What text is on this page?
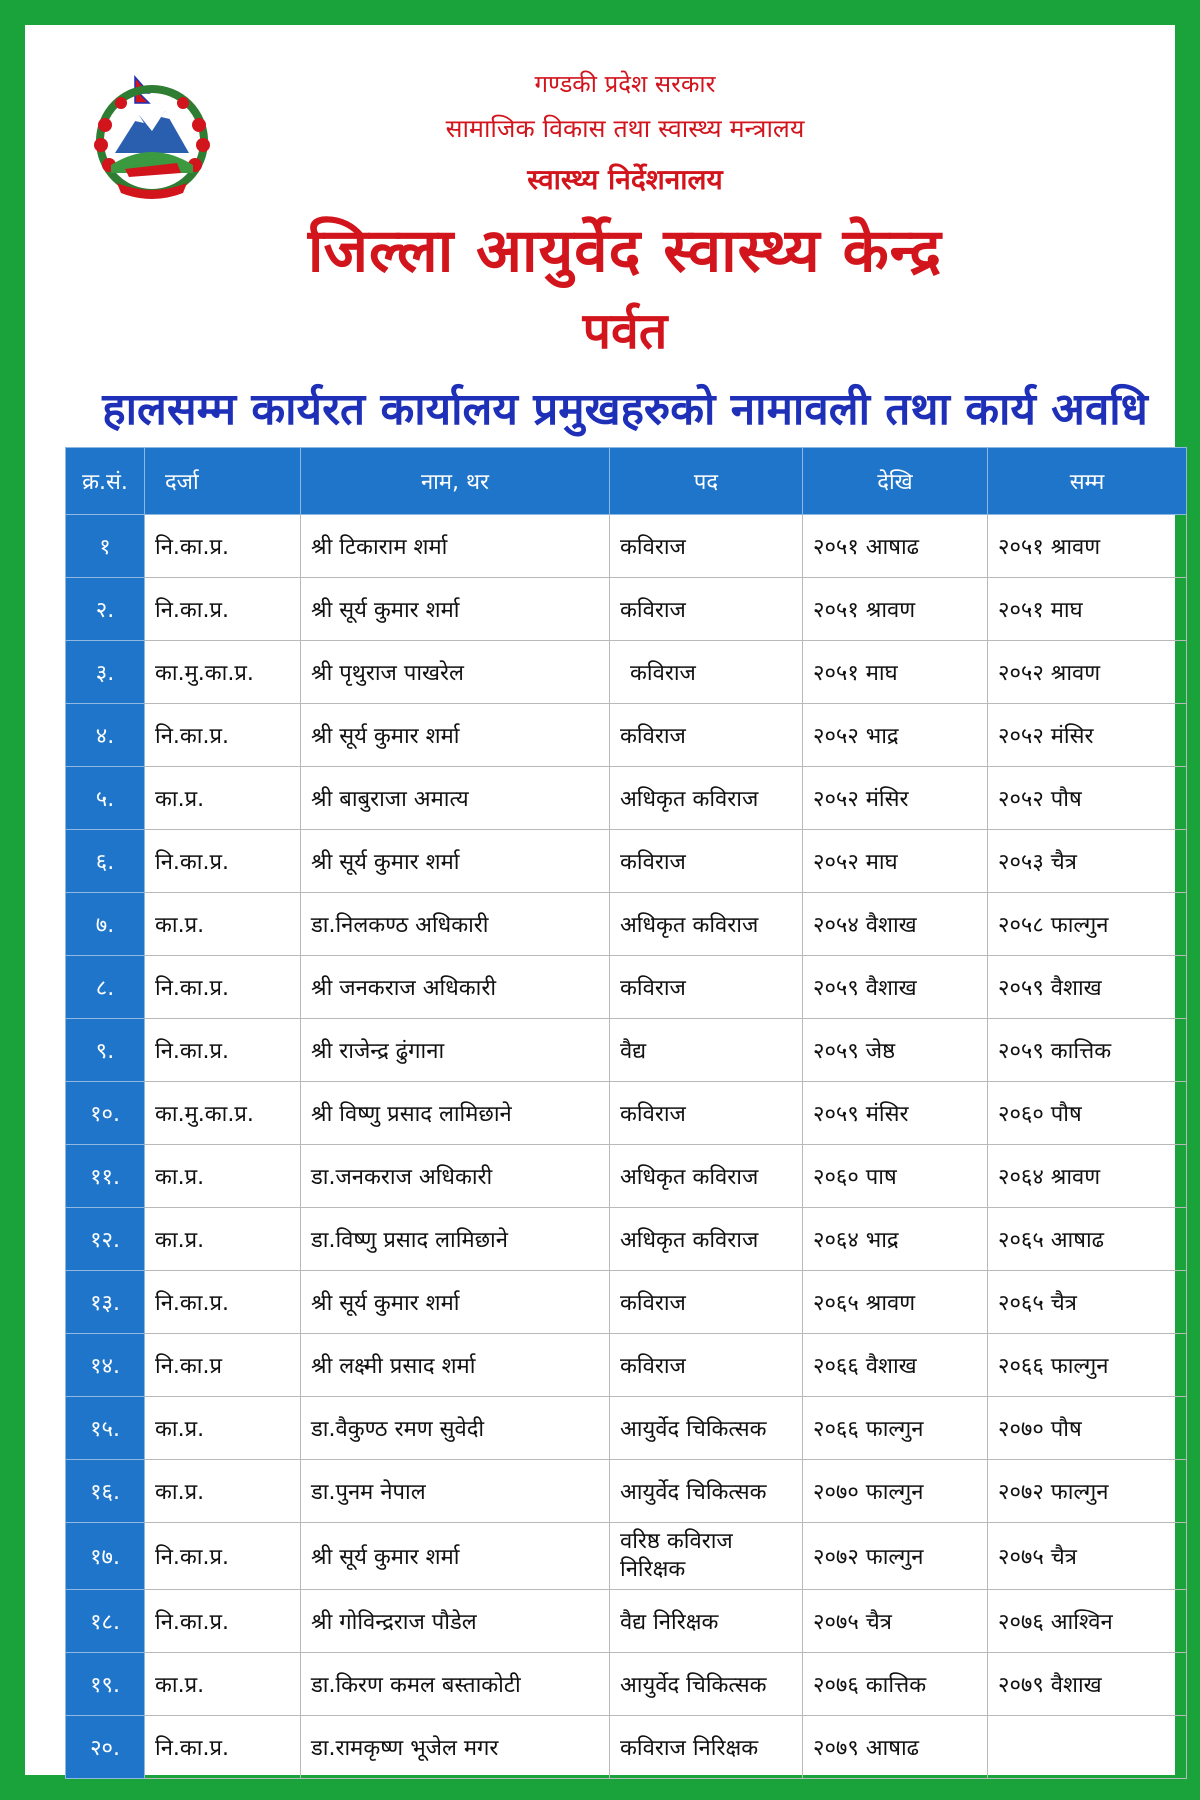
गण्डकी प्रदेश सरकार
सामाजिक विकास तथा स्वास्थ्य मन्त्रालय
स्वास्थ्य निर्देशनालय
जिल्ला आयुर्वेद स्वास्थ्य केन्द्र
पर्वत
हालसम्म कार्यरत कार्यालय प्रमुखहरुको नामावली तथा कार्य अवधि
क्र.सं.	दर्जा	नाम, थर	पद	देखि	सम्म
१	नि.का.प्र.	श्री टिकाराम शर्मा	कविराज	२०५१ आषाढ	२०५१ श्रावण
२.	नि.का.प्र.	श्री सूर्य कुमार शर्मा	कविराज	२०५१ श्रावण	२०५१ माघ
३.	का.मु.का.प्र.	श्री पृथुराज पाखरेल	कविराज	२०५१ माघ	२०५२ श्रावण
४.	नि.का.प्र.	श्री सूर्य कुमार शर्मा	कविराज	२०५२ भाद्र	२०५२ मंसिर
५.	का.प्र.	श्री बाबुराजा अमात्य	अधिकृत कविराज	२०५२ मंसिर	२०५२ पौष
६.	नि.का.प्र.	श्री सूर्य कुमार शर्मा	कविराज	२०५२ माघ	२०५३ चैत्र
७.	का.प्र.	डा.निलकण्ठ अधिकारी	अधिकृत कविराज	२०५४ वैशाख	२०५८ फाल्गुन
८.	नि.का.प्र.	श्री जनकराज अधिकारी	कविराज	२०५९ वैशाख	२०५९ वैशाख
९.	नि.का.प्र.	श्री राजेन्द्र ढुंगाना	वैद्य	२०५९ जेष्ठ	२०५९ कात्तिक
१०.	का.मु.का.प्र.	श्री विष्णु प्रसाद लामिछाने	कविराज	२०५९ मंसिर	२०६० पौष
११.	का.प्र.	डा.जनकराज अधिकारी	अधिकृत कविराज	२०६० पाष	२०६४ श्रावण
१२.	का.प्र.	डा.विष्णु प्रसाद लामिछाने	अधिकृत कविराज	२०६४ भाद्र	२०६५ आषाढ
१३.	नि.का.प्र.	श्री सूर्य कुमार शर्मा	कविराज	२०६५ श्रावण	२०६५ चैत्र
१४.	नि.का.प्र	श्री लक्ष्मी प्रसाद शर्मा	कविराज	२०६६ वैशाख	२०६६ फाल्गुन
१५.	का.प्र.	डा.वैकुण्ठ रमण सुवेदी	आयुर्वेद चिकित्सक	२०६६ फाल्गुन	२०७० पौष
१६.	का.प्र.	डा.पुनम नेपाल	आयुर्वेद चिकित्सक	२०७० फाल्गुन	२०७२ फाल्गुन
१७.	नि.का.प्र.	श्री सूर्य कुमार शर्मा	वरिष्ठ कविराज निरिक्षक	२०७२ फाल्गुन	२०७५ चैत्र
१८.	नि.का.प्र.	श्री गोविन्द्रराज पौडेल	वैद्य निरिक्षक	२०७५ चैत्र	२०७६ आश्विन
१९.	का.प्र.	डा.किरण कमल बस्ताकोटी	आयुर्वेद चिकित्सक	२०७६ कात्तिक	२०७९ वैशाख
२०.	नि.का.प्र.	डा.रामकृष्ण भूजेल मगर	कविराज निरिक्षक	२०७९ आषाढ	
